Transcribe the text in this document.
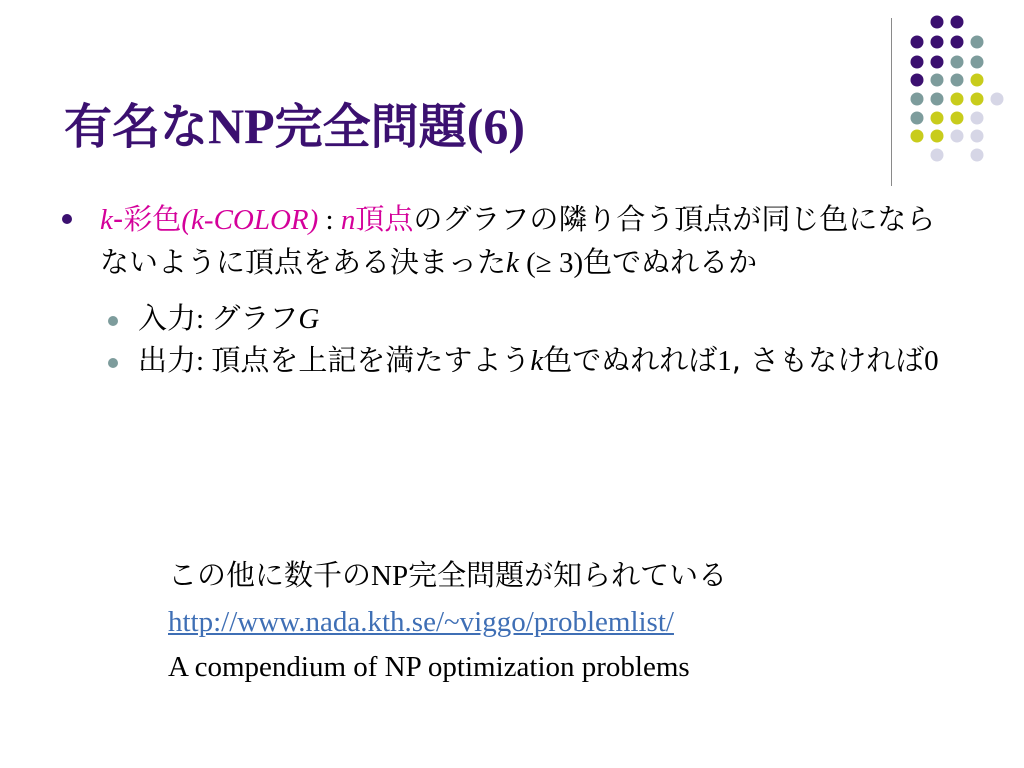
有名なNP完全問題(6)

k-彩色(k-COLOR) : n頂点のグラフの隣り合う頂点が同じ色になら
ないように頂点をある決まったk (≥ 3)色でぬれるか

入力: グラフG

出力: 頂点を上記を満たすようk色でぬれれば1, さもなければ0

この他に数千のNP完全問題が知られている
http://www.nada.kth.se/~viggo/problemlist/
A compendium of NP optimization problems
